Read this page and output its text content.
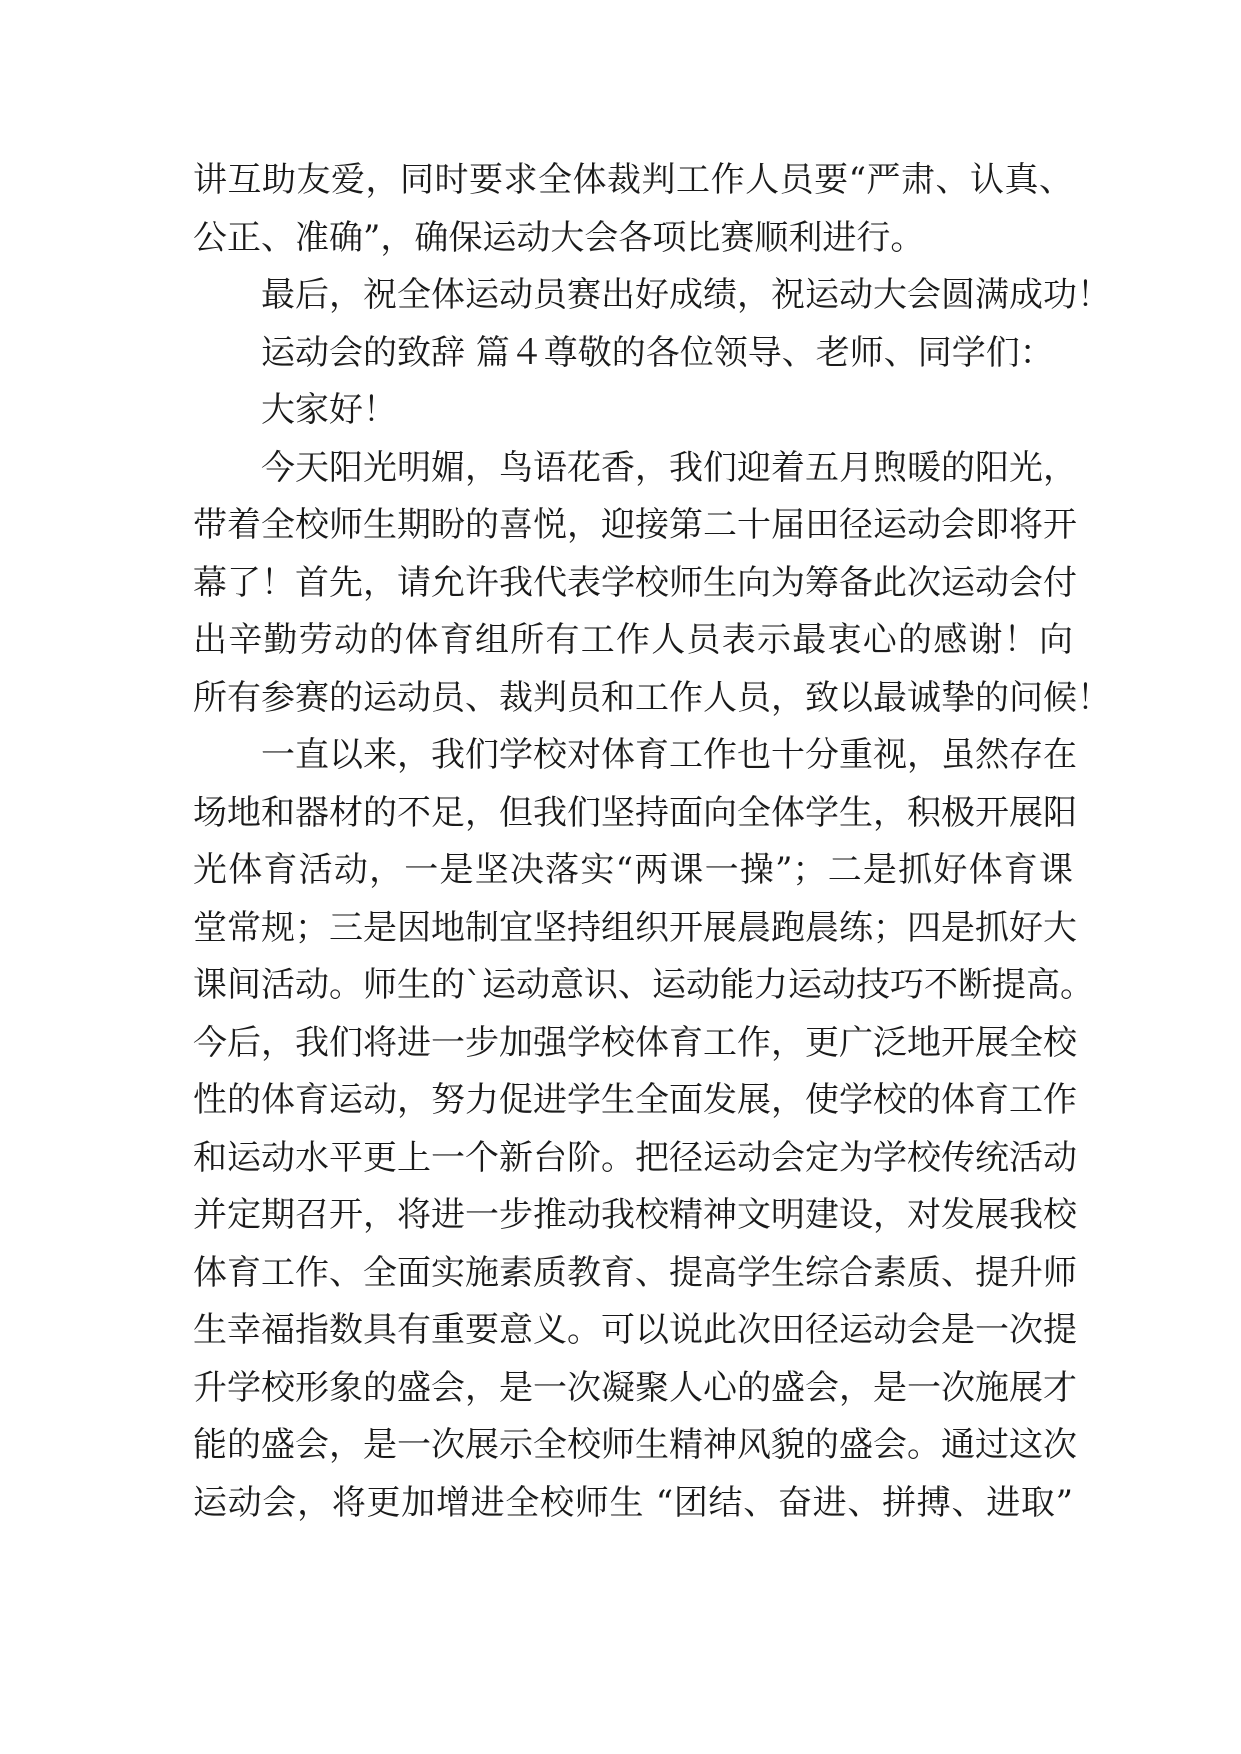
讲互助友爱，同时要求全体裁判工作人员要“严肃、认真、
公正、准确”，确保运动大会各项比赛顺利进行。
最后，祝全体运动员赛出好成绩，祝运动大会圆满成功！
运动会的致辞 篇４尊敬的各位领导、老师、同学们：
大家好！
今天阳光明媚，鸟语花香，我们迎着五月煦暖的阳光，
带着全校师生期盼的喜悦，迎接第二十届田径运动会即将开
幕了！首先，请允许我代表学校师生向为筹备此次运动会付
出辛勤劳动的体育组所有工作人员表示最衷心的感谢！向
所有参赛的运动员、裁判员和工作人员，致以最诚挚的问候！
一直以来，我们学校对体育工作也十分重视，虽然存在
场地和器材的不足，但我们坚持面向全体学生，积极开展阳
光体育活动，一是坚决落实“两课一操”；二是抓好体育课
堂常规；三是因地制宜坚持组织开展晨跑晨练；四是抓好大
课间活动。师生的`运动意识、运动能力运动技巧不断提高。
今后，我们将进一步加强学校体育工作，更广泛地开展全校
性的体育运动，努力促进学生全面发展，使学校的体育工作
和运动水平更上一个新台阶。把径运动会定为学校传统活动
并定期召开，将进一步推动我校精神文明建设，对发展我校
体育工作、全面实施素质教育、提高学生综合素质、提升师
生幸福指数具有重要意义。可以说此次田径运动会是一次提
升学校形象的盛会，是一次凝聚人心的盛会，是一次施展才
能的盛会，是一次展示全校师生精神风貌的盛会。通过这次
运动会，将更加增进全校师生 “团结、奋进、拼搏、进取”
